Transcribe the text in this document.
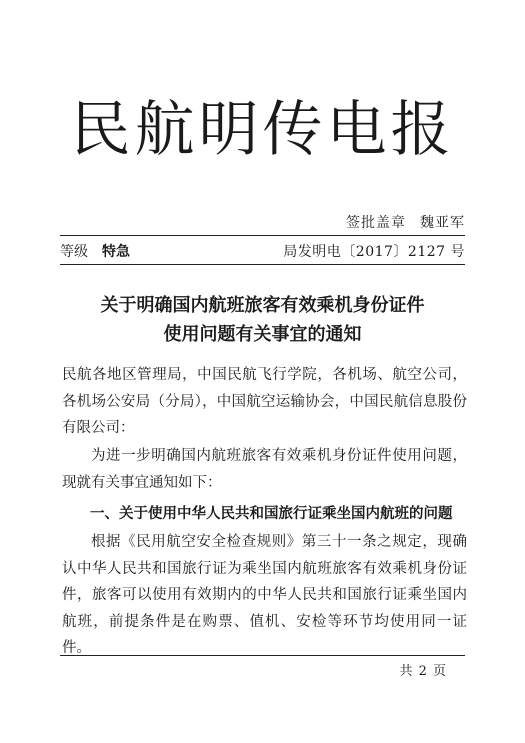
民航明传电报
签批盖章 魏亚军
等级 特急	局发明电〔2017〕2127 号
关于明确国内航班旅客有效乘机身份证件
使用问题有关事宜的通知
民航各地区管理局，中国民航飞行学院，各机场、航空公司，各机场公安局（分局），中国航空运输协会，中国民航信息股份有限公司：
为进一步明确国内航班旅客有效乘机身份证件使用问题，现就有关事宜通知如下：
一、关于使用中华人民共和国旅行证乘坐国内航班的问题
根据《民用航空安全检查规则》第三十一条之规定，现确认中华人民共和国旅行证为乘坐国内航班旅客有效乘机身份证件，旅客可以使用有效期内的中华人民共和国旅行证乘坐国内航班，前提条件是在购票、值机、安检等环节均使用同一证件。
共 2 页
